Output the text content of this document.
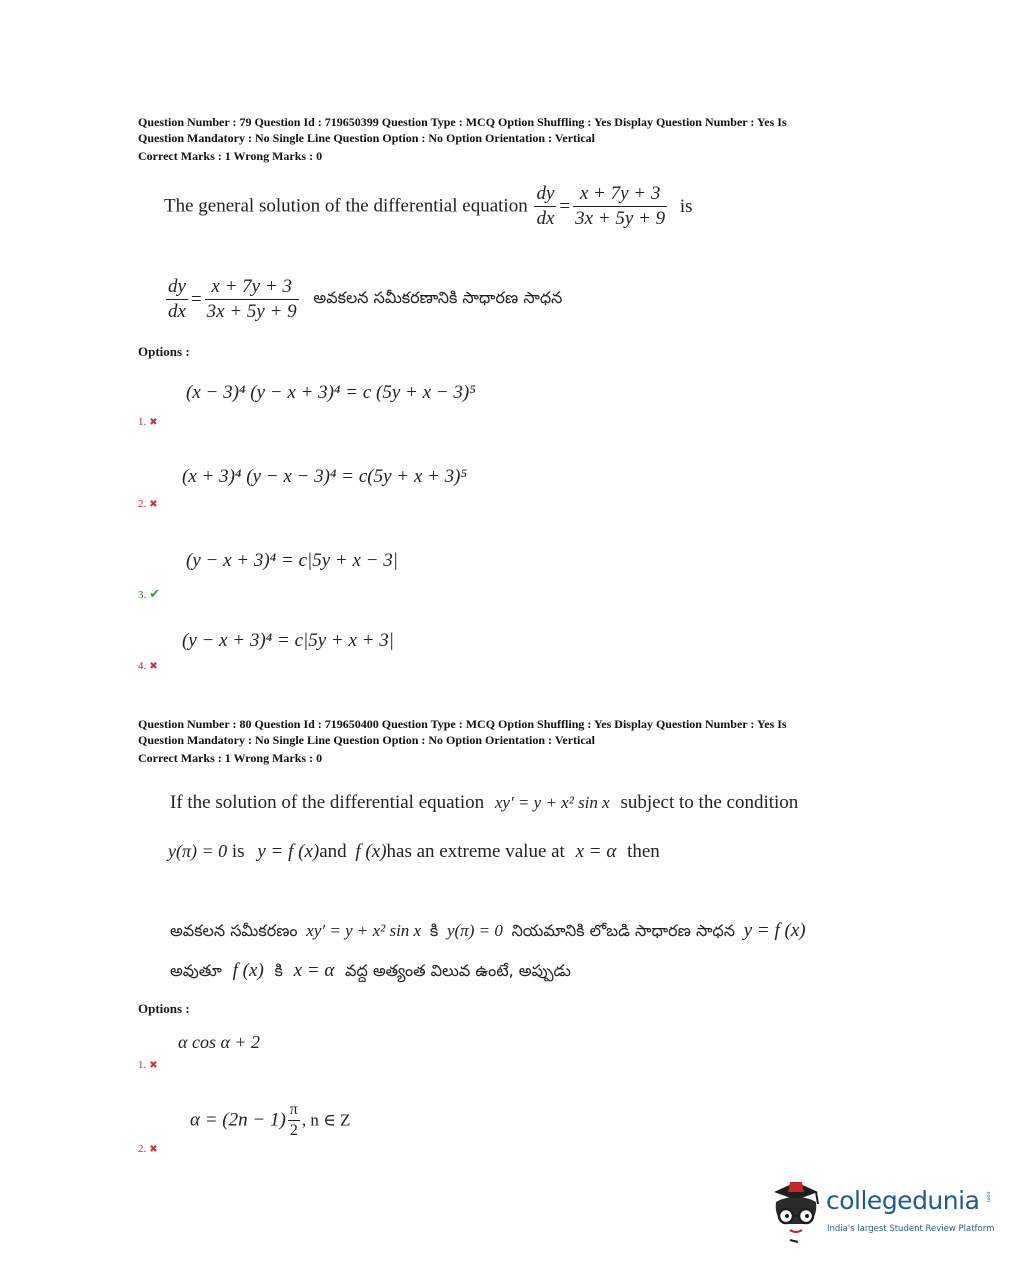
Question Number : 79 Question Id : 719650399 Question Type : MCQ Option Shuffling : Yes Display Question Number : Yes Is
Question Mandatory : No Single Line Question Option : No Option Orientation : Vertical
Correct Marks : 1 Wrong Marks : 0
The general solution of the differential equation $\frac{dy}{dx} = \frac{x + 7y + 3}{3x + 5y + 9}$ is
$\frac{dy}{dx} = \frac{x + 7y + 3}{3x + 5y + 9}$ అవకలన సమీకరణానికి సాధారణ సాధన
Options :
(x − 3)⁴ (y − x + 3)⁴ = c (5y + x − 3)⁵
1. ✖
(x + 3)⁴ (y − x − 3)⁴ = c(5y + x + 3)⁵
2. ✖
(y − x + 3)⁴ = c|5y + x − 3|
3. ✔
(y − x + 3)⁴ = c|5y + x + 3|
4. ✖
Question Number : 80 Question Id : 719650400 Question Type : MCQ Option Shuffling : Yes Display Question Number : Yes Is
Question Mandatory : No Single Line Question Option : No Option Orientation : Vertical
Correct Marks : 1 Wrong Marks : 0
If the solution of the differential equation xy′ = y + x² sin x subject to the condition
y(π) = 0 is y = f (x)and f (x)has an extreme value at x = α then
అవకలన సమీకరణం xy′ = y + x² sin x కి y(π) = 0 నియమానికి లోబడి సాధారణ సాధన y = f (x)
అవుతూ f (x) కి x = α వద్ద అత్యంత విలువ ఉంటే, అప్పుడు
Options :
α cos α + 2
1. ✖
$\alpha = (2n - 1) \frac{\pi}{2}$ , n ∈ Z
2. ✖
collegedunia .com
India's largest Student Review Platform
